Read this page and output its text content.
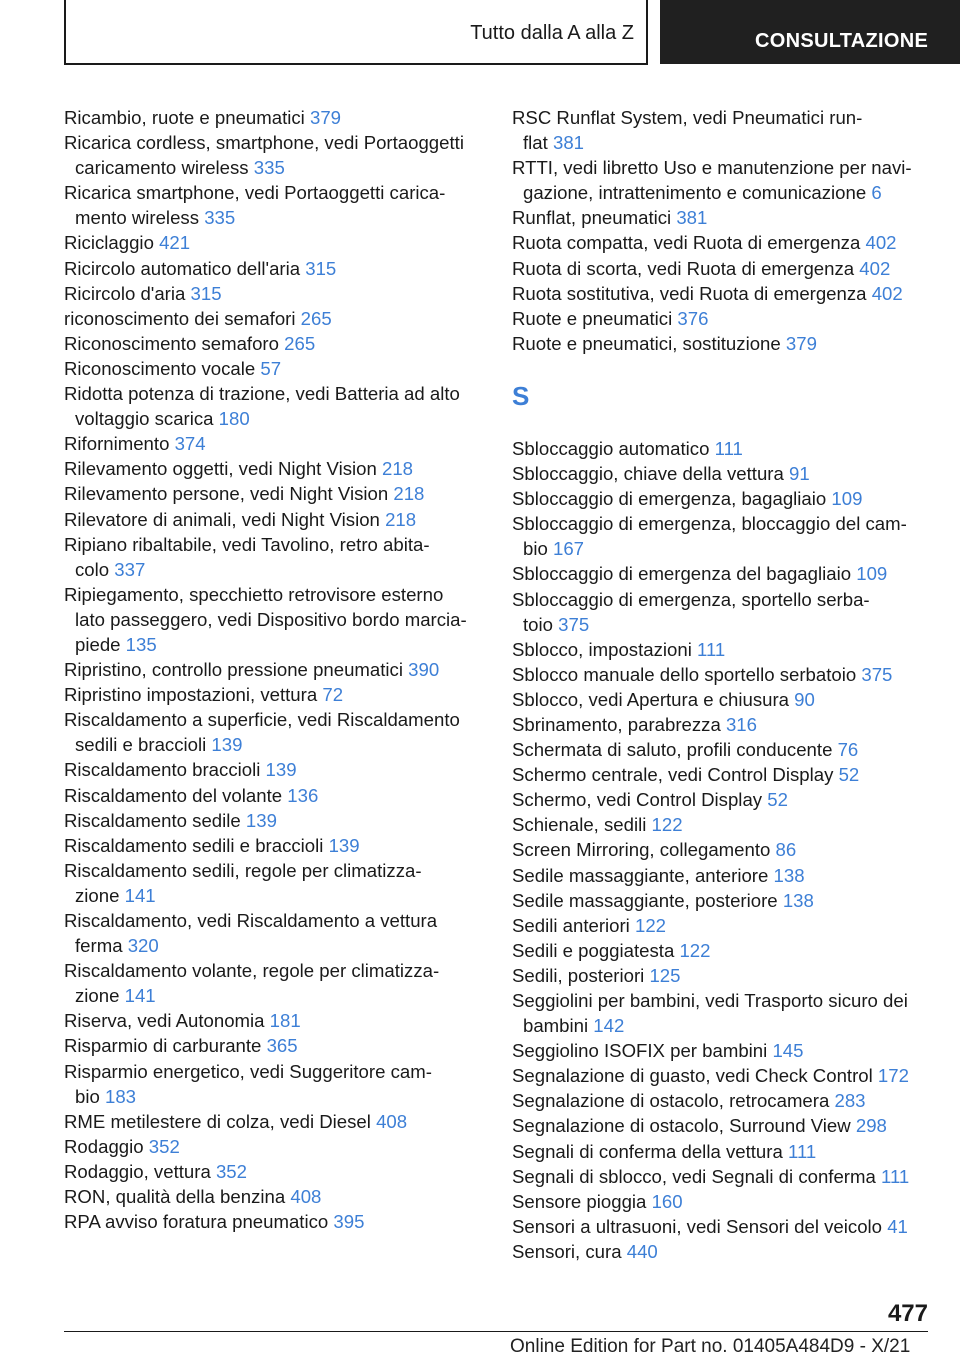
Tutto dalla A alla Z	CONSULTAZIONE
Ricambio, ruote e pneumatici 379
Ricarica cordless, smartphone, vedi Portaoggetti
caricamento wireless 335
Ricarica smartphone, vedi Portaoggetti carica-
mento wireless 335
Riciclaggio 421
Ricircolo automatico dell'aria 315
Ricircolo d'aria 315
riconoscimento dei semafori 265
Riconoscimento semaforo 265
Riconoscimento vocale 57
Ridotta potenza di trazione, vedi Batteria ad alto
voltaggio scarica 180
Rifornimento 374
Rilevamento oggetti, vedi Night Vision 218
Rilevamento persone, vedi Night Vision 218
Rilevatore di animali, vedi Night Vision 218
Ripiano ribaltabile, vedi Tavolino, retro abita-
colo 337
Ripiegamento, specchietto retrovisore esterno
lato passeggero, vedi Dispositivo bordo marcia-
piede 135
Ripristino, controllo pressione pneumatici 390
Ripristino impostazioni, vettura 72
Riscaldamento a superficie, vedi Riscaldamento
sedili e braccioli 139
Riscaldamento braccioli 139
Riscaldamento del volante 136
Riscaldamento sedile 139
Riscaldamento sedili e braccioli 139
Riscaldamento sedili, regole per climatizza-
zione 141
Riscaldamento, vedi Riscaldamento a vettura
ferma 320
Riscaldamento volante, regole per climatizza-
zione 141
Riserva, vedi Autonomia 181
Risparmio di carburante 365
Risparmio energetico, vedi Suggeritore cam-
bio 183
RME metilestere di colza, vedi Diesel 408
Rodaggio 352
Rodaggio, vettura 352
RON, qualità della benzina 408
RPA avviso foratura pneumatico 395
RSC Runflat System, vedi Pneumatici run-
flat 381
RTTI, vedi libretto Uso e manutenzione per navi-
gazione, intrattenimento e comunicazione 6
Runflat, pneumatici 381
Ruota compatta, vedi Ruota di emergenza 402
Ruota di scorta, vedi Ruota di emergenza 402
Ruota sostitutiva, vedi Ruota di emergenza 402
Ruote e pneumatici 376
Ruote e pneumatici, sostituzione 379
S
Sbloccaggio automatico 111
Sbloccaggio, chiave della vettura 91
Sbloccaggio di emergenza, bagagliaio 109
Sbloccaggio di emergenza, bloccaggio del cam-
bio 167
Sbloccaggio di emergenza del bagagliaio 109
Sbloccaggio di emergenza, sportello serba-
toio 375
Sblocco, impostazioni 111
Sblocco manuale dello sportello serbatoio 375
Sblocco, vedi Apertura e chiusura 90
Sbrinamento, parabrezza 316
Schermata di saluto, profili conducente 76
Schermo centrale, vedi Control Display 52
Schermo, vedi Control Display 52
Schienale, sedili 122
Screen Mirroring, collegamento 86
Sedile massaggiante, anteriore 138
Sedile massaggiante, posteriore 138
Sedili anteriori 122
Sedili e poggiatesta 122
Sedili, posteriori 125
Seggiolini per bambini, vedi Trasporto sicuro dei
bambini 142
Seggiolino ISOFIX per bambini 145
Segnalazione di guasto, vedi Check Control 172
Segnalazione di ostacolo, retrocamera 283
Segnalazione di ostacolo, Surround View 298
Segnali di conferma della vettura 111
Segnali di sblocco, vedi Segnali di conferma 111
Sensore pioggia 160
Sensori a ultrasuoni, vedi Sensori del veicolo 41
Sensori, cura 440
477
Online Edition for Part no. 01405A484D9 - X/21
